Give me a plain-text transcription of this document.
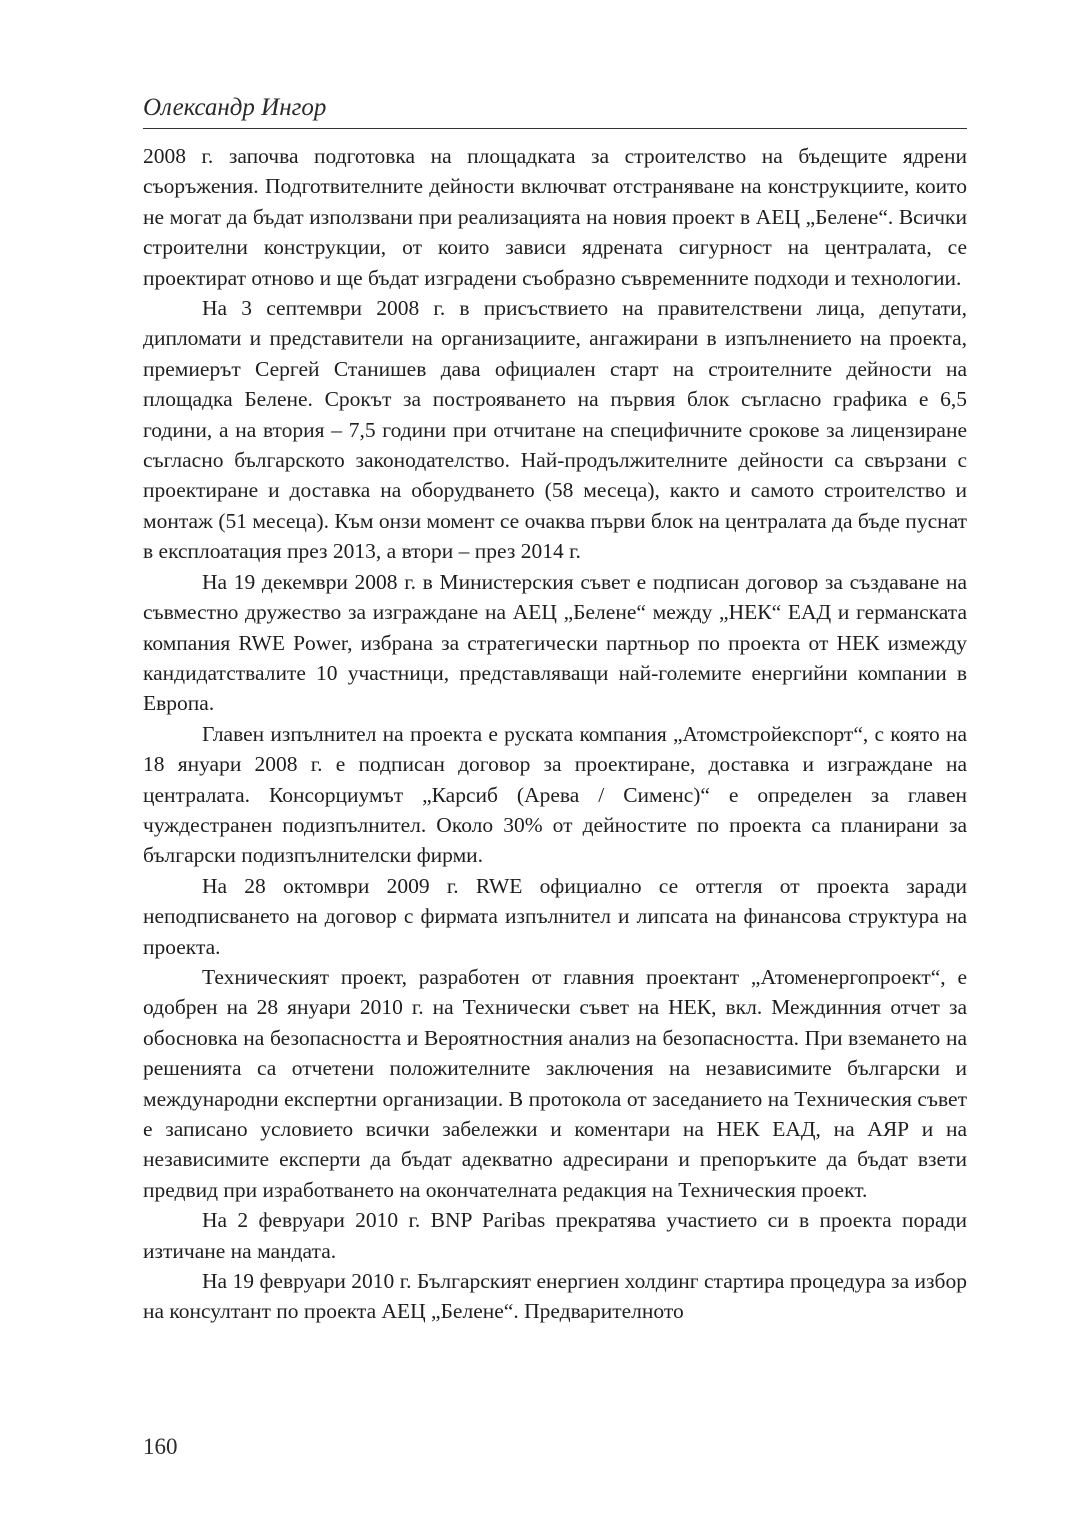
Олександр Ингор

2008 г. започва подготовка на площадката за строителство на бъдещите ядрени съоръжения. Подготвителните дейности включват отстраняване на конструкциите, които не могат да бъдат използвани при реализацията на новия проект в АЕЦ „Белене“. Всички строителни конструкции, от които зависи ядрената сигурност на централата, се проектират отново и ще бъдат изградени съобразно съвременните подходи и технологии.

На 3 септември 2008 г. в присъствието на правителствени лица, депутати, дипломати и представители на организациите, ангажирани в изпълнението на проекта, премиерът Сергей Станишев дава официален старт на строителните дейности на площадка Белене. Срокът за построяването на първия блок съгласно графика е 6,5 години, а на втория – 7,5 години при отчитане на специфичните срокове за лицензиране съгласно българското законодателство. Най-продължителните дейности са свързани с проектиране и доставка на оборудването (58 месеца), както и самото строителство и монтаж (51 месеца). Към онзи момент се очаква първи блок на централата да бъде пуснат в експлоатация през 2013, а втори – през 2014 г.

На 19 декември 2008 г. в Министерския съвет е подписан договор за създаване на съвместно дружество за изграждане на АЕЦ „Белене“ между „НЕК“ ЕАД и германската компания RWE Power, избрана за стратегически партньор по проекта от НЕК измежду кандидатствалите 10 участници, представляващи най-големите енергийни компании в Европа.

Главен изпълнител на проекта е руската компания „Атомстройекспорт“, с която на 18 януари 2008 г. е подписан договор за проектиране, доставка и изграждане на централата. Консорциумът „Карсиб (Арева / Сименс)“ е определен за главен чуждестранен подизпълнител. Около 30% от дейностите по проекта са планирани за български подизпълнителски фирми.

На 28 октомври 2009 г. RWE официално се оттегля от проекта заради неподписването на договор с фирмата изпълнител и липсата на финансова структура на проекта.

Техническият проект, разработен от главния проектант „Атоменергопроект“, е одобрен на 28 януари 2010 г. на Технически съвет на НЕК, вкл. Междинния отчет за обосновка на безопасността и Вероятностния анализ на безопасността. При вземането на решенията са отчетени положителните заключения на независимите български и международни експертни организации. В протокола от заседанието на Техническия съвет е записано условието всички забележки и коментари на НЕК ЕАД, на АЯР и на независимите експерти да бъдат адекватно адресирани и препоръките да бъдат взети предвид при изработването на окончателната редакция на Техническия проект.

На 2 февруари 2010 г. BNP Paribas прекратява участието си в проекта поради изтичане на мандата.

На 19 февруари 2010 г. Българският енергиен холдинг стартира процедура за избор на консултант по проекта АЕЦ „Белене“. Предварителното

160
